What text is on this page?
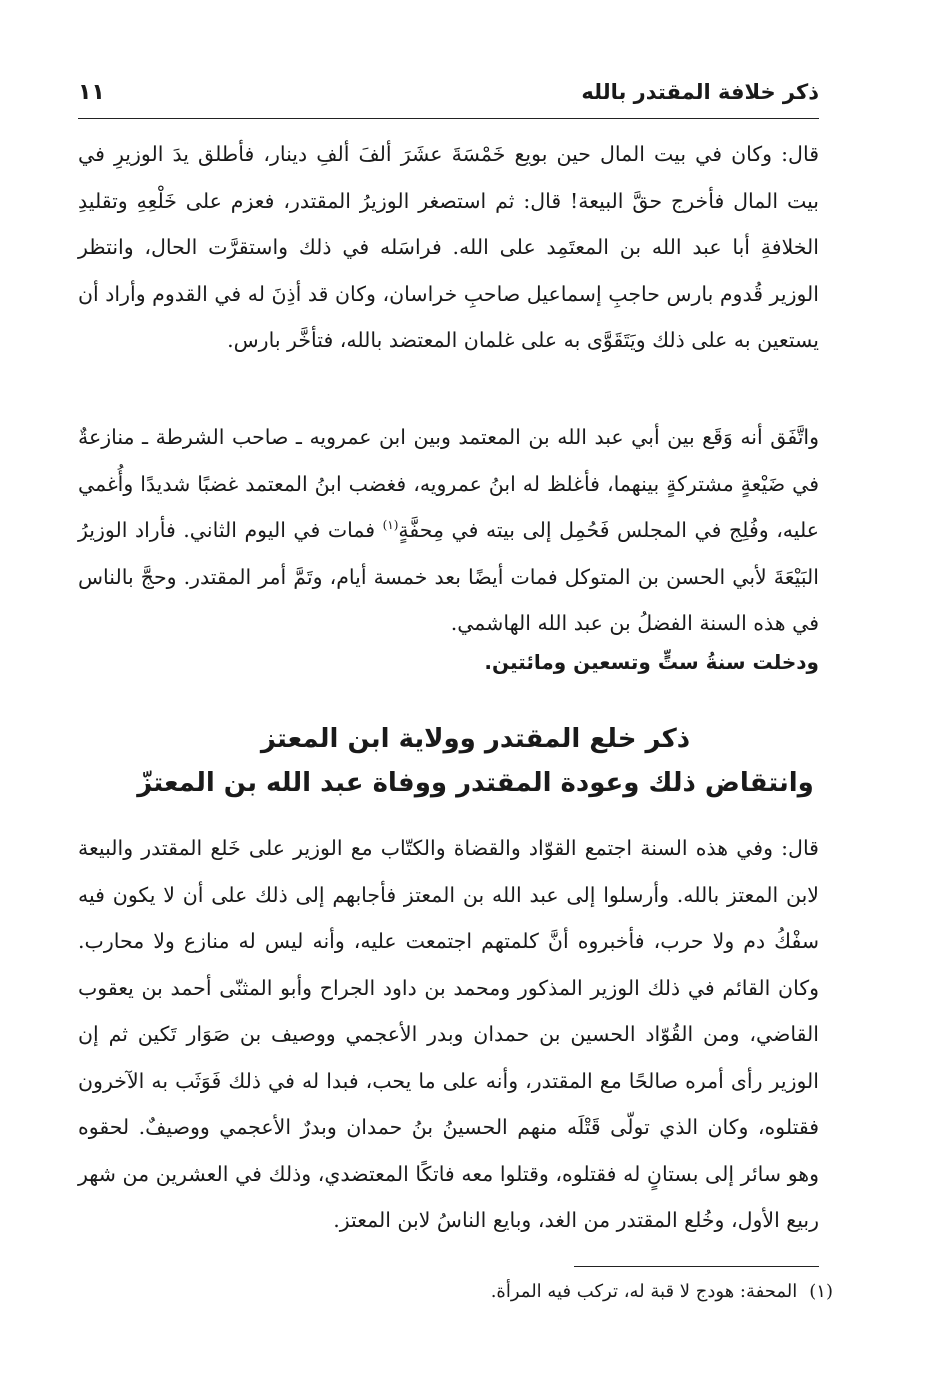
ذكر خلافة المقتدر بالله
١١

قال: وكان في بيت المال حين بويع خَمْسَةَ عشَرَ ألفَ ألفِ دينار، فأطلق يدَ الوزيرِ في بيت المال فأخرج حقَّ البيعة! قال: ثم استصغر الوزيرُ المقتدر، فعزم على خَلْعِهِ وتقليدِ الخلافةِ أبا عبد الله بن المعتَمِد على الله. فراسَله في ذلك واستقرَّت الحال، وانتظر الوزير قُدوم بارس حاجبِ إسماعيل صاحبِ خراسان، وكان قد أذِنَ له في القدوم وأراد أن يستعين به على ذلك ويَتَقَوَّى به على غلمان المعتضد بالله، فتأخَّر بارس.

واتَّفَق أنه وَقَع بين أبي عبد الله بن المعتمد وبين ابن عمرويه ـ صاحب الشرطة ـ منازعةٌ في ضَيْعةٍ مشتركةٍ بينهما، فأغلظ له ابنُ عمرويه، فغضب ابنُ المعتمد غضبًا شديدًا وأُغمي عليه، وفُلِج في المجلس فَحُمِل إلى بيته في مِحفَّةٍ$^{(١)}$ فمات في اليوم الثاني. فأراد الوزيرُ البَيْعَةَ لأبي الحسن بن المتوكل فمات أيضًا بعد خمسة أيام، وتَمَّ أمر المقتدر. وحجَّ بالناس في هذه السنة الفضلُ بن عبد الله الهاشمي.

ودخلت سنةُ ستٍّ وتسعين ومائتين.
ذكر خلع المقتدر وولاية ابن المعتز
وانتقاض ذلك وعودة المقتدر ووفاة عبد الله بن المعتزّ

قال: وفي هذه السنة اجتمع القوّاد والقضاة والكتّاب مع الوزير على خَلع المقتدر والبيعة لابن المعتز بالله. وأرسلوا إلى عبد الله بن المعتز فأجابهم إلى ذلك على أن لا يكون فيه سفْكُ دم ولا حرب، فأخبروه أنَّ كلمتهم اجتمعت عليه، وأنه ليس له منازع ولا محارب. وكان القائم في ذلك الوزير المذكور ومحمد بن داود الجراح وأبو المثنّى أحمد بن يعقوب القاضي، ومن القُوّاد الحسين بن حمدان وبدر الأعجمي ووصيف بن صَوَار تَكين ثم إن الوزير رأى أمره صالحًا مع المقتدر، وأنه على ما يحب، فبدا له في ذلك فَوَثَب به الآخرون فقتلوه، وكان الذي تولّى قَتْلَه منهم الحسينُ بنُ حمدان وبدرٌ الأعجمي ووصيفٌ. لحقوه وهو سائر إلى بستانٍ له فقتلوه، وقتلوا معه فاتكًا المعتضدي، وذلك في العشرين من شهر ربيع الأول، وخُلع المقتدر من الغد، وبايع الناسُ لابن المعتز.

(١)المحفة: هودج لا قبة له، تركب فيه المرأة.
